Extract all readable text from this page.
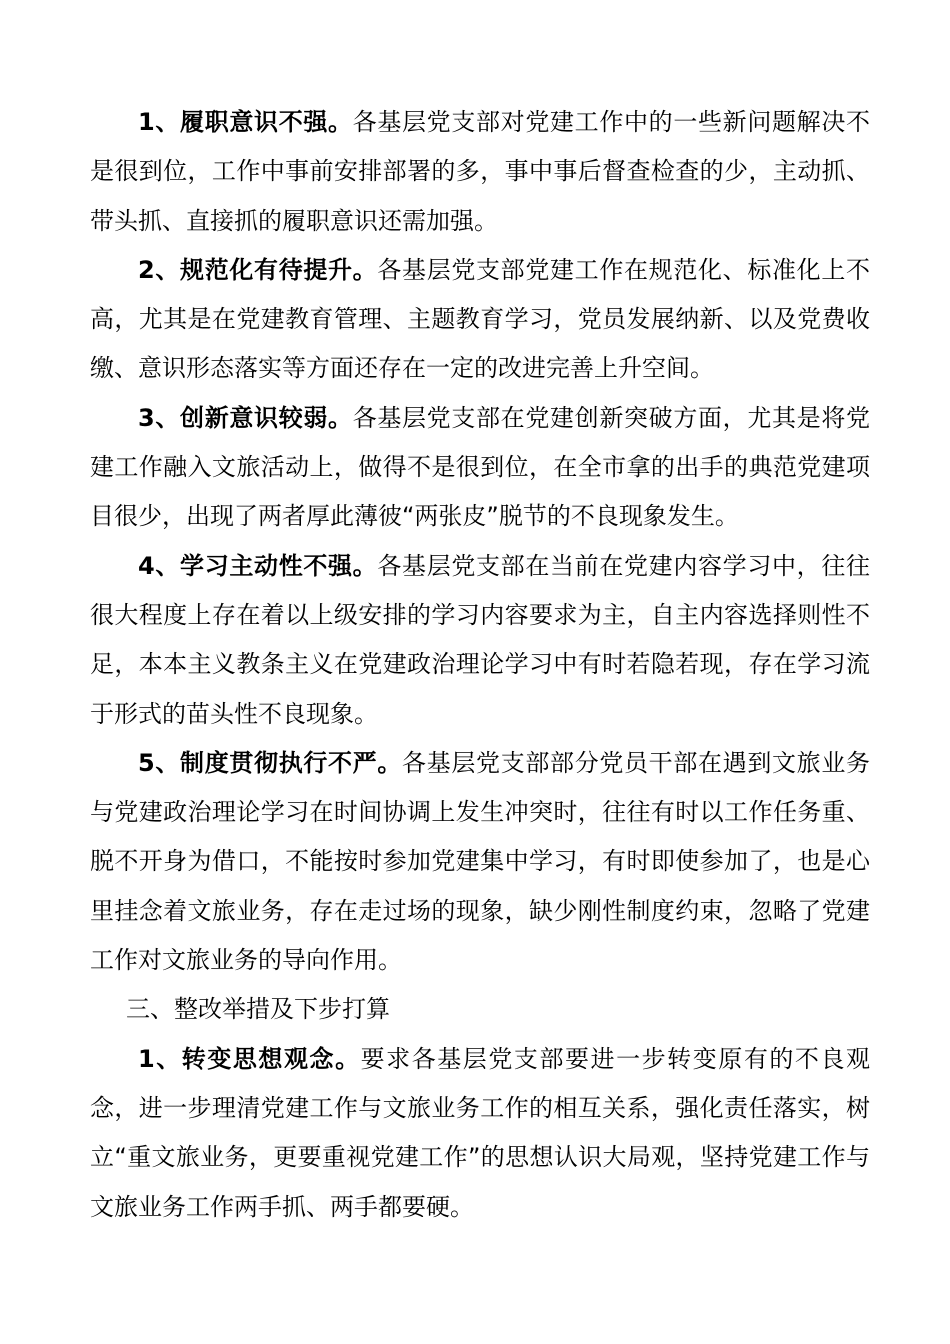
1、履职意识不强。各基层党支部对党建工作中的一些新问题解决不是很到位，工作中事前安排部署的多，事中事后督查检查的少，主动抓、带头抓、直接抓的履职意识还需加强。

2、规范化有待提升。各基层党支部党建工作在规范化、标准化上不高，尤其是在党建教育管理、主题教育学习，党员发展纳新、以及党费收缴、意识形态落实等方面还存在一定的改进完善上升空间。

3、创新意识较弱。各基层党支部在党建创新突破方面，尤其是将党建工作融入文旅活动上，做得不是很到位，在全市拿的出手的典范党建项目很少，出现了两者厚此薄彼“两张皮”脱节的不良现象发生。

4、学习主动性不强。各基层党支部在当前在党建内容学习中，往往很大程度上存在着以上级安排的学习内容要求为主，自主内容选择则性不足，本本主义教条主义在党建政治理论学习中有时若隐若现，存在学习流于形式的苗头性不良现象。

5、制度贯彻执行不严。各基层党支部部分党员干部在遇到文旅业务与党建政治理论学习在时间协调上发生冲突时，往往有时以工作任务重、脱不开身为借口，不能按时参加党建集中学习，有时即使参加了，也是心里挂念着文旅业务，存在走过场的现象，缺少刚性制度约束，忽略了党建工作对文旅业务的导向作用。

三、整改举措及下步打算

1、转变思想观念。要求各基层党支部要进一步转变原有的不良观念，进一步理清党建工作与文旅业务工作的相互关系，强化责任落实，树立“重文旅业务，更要重视党建工作”的思想认识大局观，坚持党建工作与文旅业务工作两手抓、两手都要硬。
